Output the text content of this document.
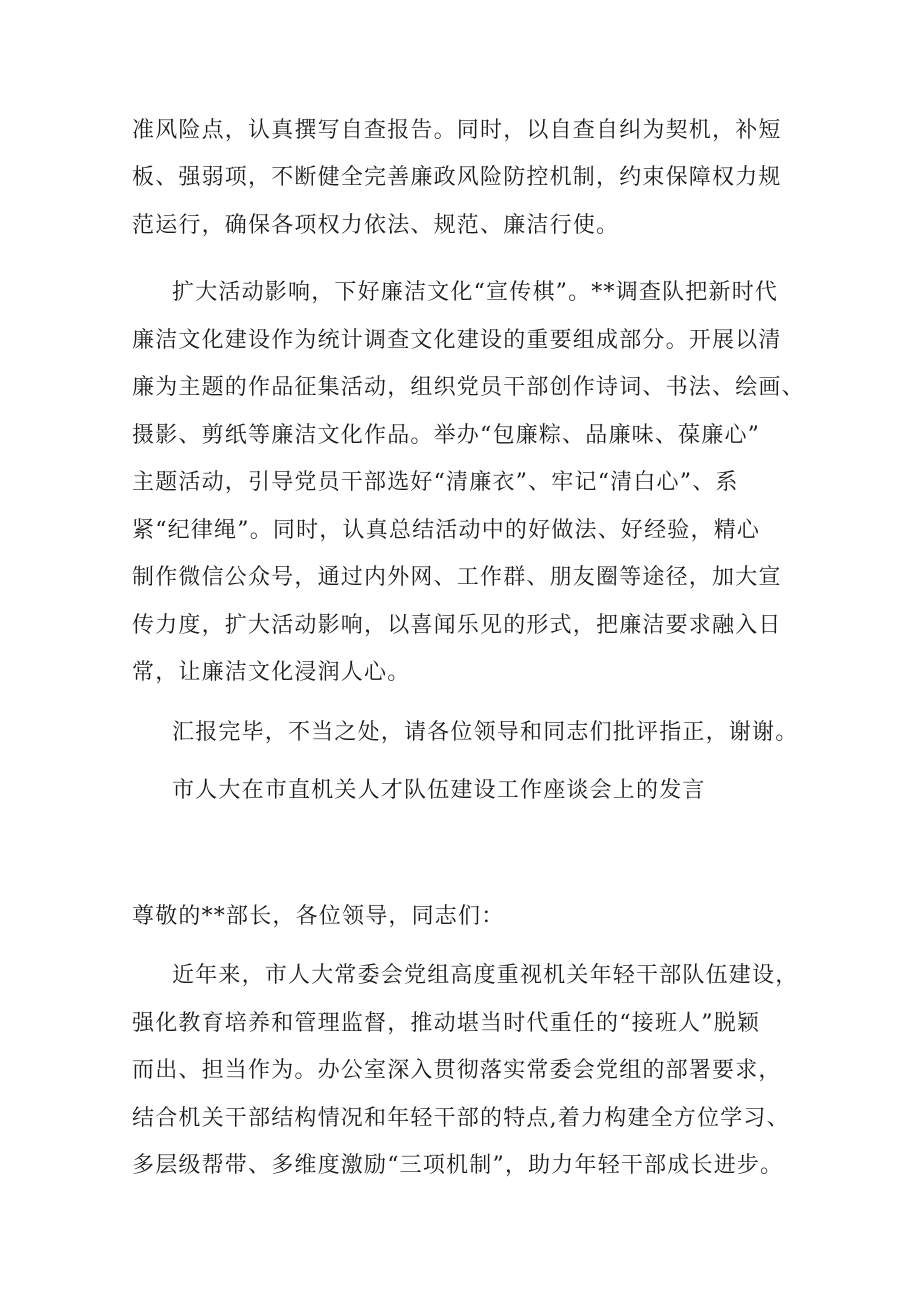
准风险点，认真撰写自查报告。同时，以自查自纠为契机，补短
板、强弱项，不断健全完善廉政风险防控机制，约束保障权力规
范运行，确保各项权力依法、规范、廉洁行使。
扩大活动影响，下好廉洁文化“宣传棋”。**调查队把新时代
廉洁文化建设作为统计调查文化建设的重要组成部分。开展以清
廉为主题的作品征集活动，组织党员干部创作诗词、书法、绘画、
摄影、剪纸等廉洁文化作品。举办“包廉粽、品廉味、葆廉心”
主题活动，引导党员干部选好“清廉衣”、牢记“清白心”、系
紧“纪律绳”。同时，认真总结活动中的好做法、好经验，精心
制作微信公众号，通过内外网、工作群、朋友圈等途径，加大宣
传力度，扩大活动影响，以喜闻乐见的形式，把廉洁要求融入日
常，让廉洁文化浸润人心。
汇报完毕，不当之处，请各位领导和同志们批评指正，谢谢。
市人大在市直机关人才队伍建设工作座谈会上的发言
尊敬的**部长，各位领导，同志们：
近年来，市人大常委会党组高度重视机关年轻干部队伍建设，
强化教育培养和管理监督，推动堪当时代重任的“接班人”脱颖
而出、担当作为。办公室深入贯彻落实常委会党组的部署要求，
结合机关干部结构情况和年轻干部的特点,着力构建全方位学习、
多层级帮带、多维度激励“三项机制”，助力年轻干部成长进步。
